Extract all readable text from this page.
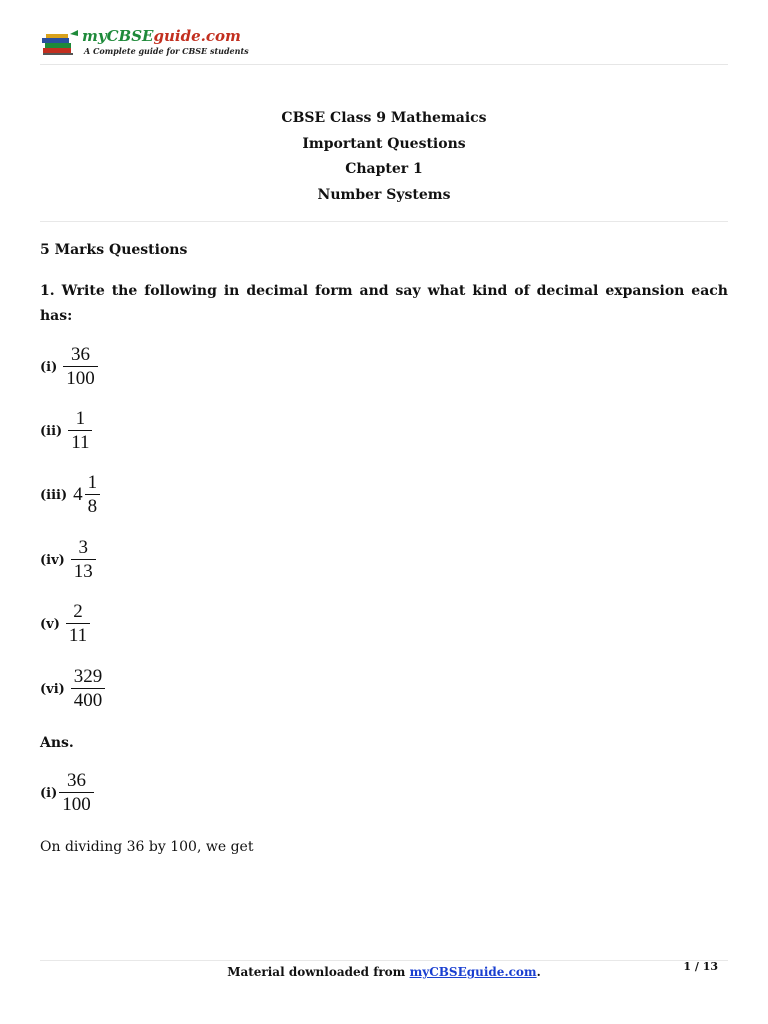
myCBSEguide.com
A Complete guide for CBSE students
CBSE Class 9 Mathemaics
Important Questions
Chapter 1
Number Systems
5 Marks Questions
1. Write the following in decimal form and say what kind of decimal expansion each has:
$(i) \frac{36}{100}$
$(ii) \frac{1}{11}$
(iii) $4 \frac{1}{8}$
$(iv) \frac{3}{13}$
$(v) \frac{2}{11}$
$(vi) \frac{329}{400}$
Ans.
$(i) \frac{36}{100}$
On dividing 36 by 100, we get
Material downloaded from myCBSEguide.com.	1 / 13
